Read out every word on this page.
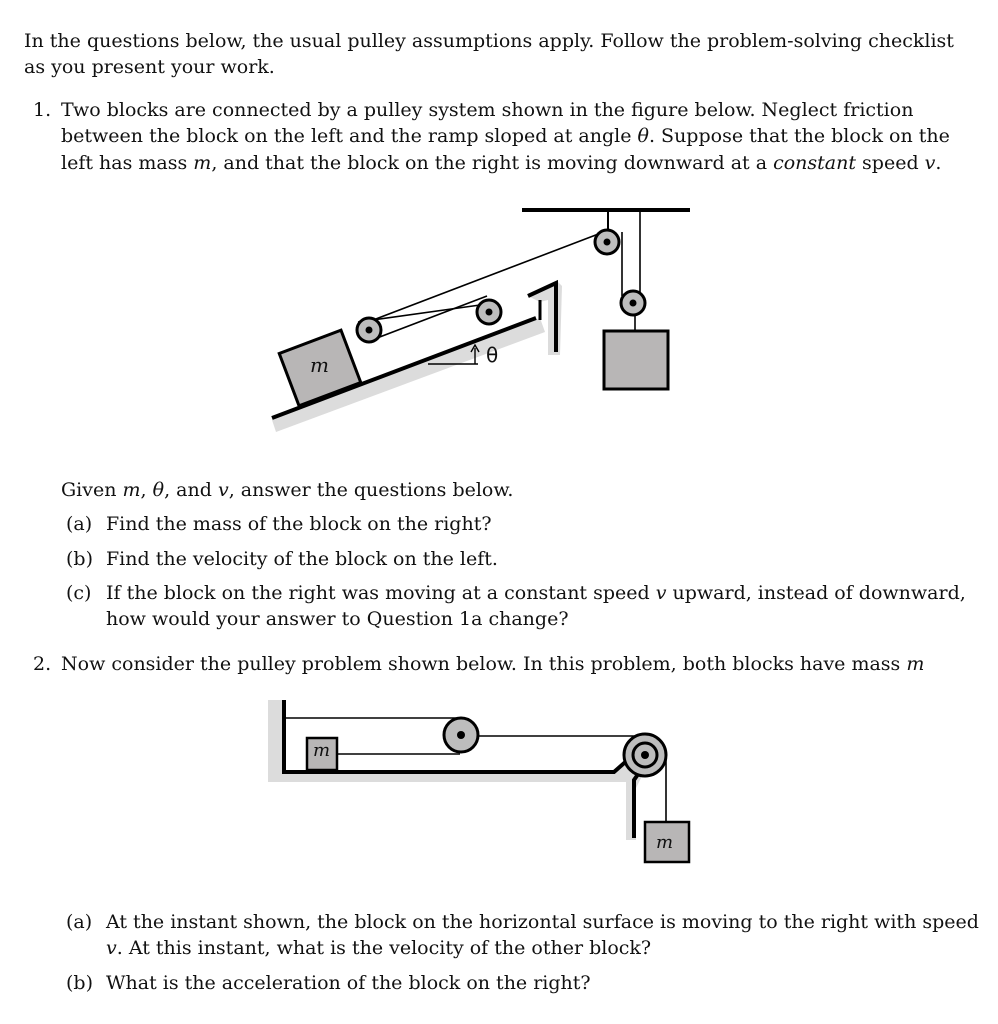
In the questions below, the usual pulley assumptions apply. Follow the problem-solving checklist
as you present your work.
1. Two blocks are connected by a pulley system shown in the figure below. Neglect friction
between the block on the left and the ramp sloped at angle θ. Suppose that the block on the
left has mass m, and that the block on the right is moving downward at a constant speed v.
m	θ
Given m, θ, and v, answer the questions below.
(a) Find the mass of the block on the right?
(b) Find the velocity of the block on the left.
(c) If the block on the right was moving at a constant speed v upward, instead of downward,
how would your answer to Question 1a change?
2. Now consider the pulley problem shown below. In this problem, both blocks have mass m
m
m
(a) At the instant shown, the block on the horizontal surface is moving to the right with speed
v. At this instant, what is the velocity of the other block?
(b) What is the acceleration of the block on the right?
